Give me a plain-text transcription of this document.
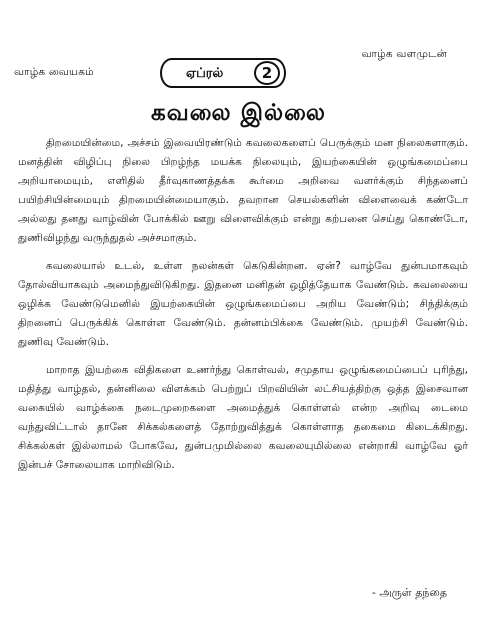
வாழ்க வையகம்
வாழ்க வளமுடன்
ஏப்ரல்	2
கவலை இல்லை

திறமையின்மை, அச்சம் இவையிரண்டும் கவலைகளைப் பெருக்கும் மன நிலைகளாகும். மனத்தின் விழிப்பு நிலை பிறழ்ந்த மயக்க நிலையும், இயற்கையின் ஒழுங்கமைப்பை அறியாமையும், எளிதில் தீர்வுகாணத்தக்க கூர்மை அறிவை வளர்க்கும் சிந்தனைப் பயிற்சியின்மையும் திறமையின்மையாகும். தவறான செயல்களின் விளைவைக் கண்டோ அல்லது தனது வாழ்வின் போக்கில் ஊறு விளைவிக்கும் என்று கற்பனை செய்து கொண்டோ, துணிவிழந்து வருந்துதல் அச்சமாகும்.

கவலையால் உடல், உள்ள நலன்கள் கெடுகின்றன. ஏன்? வாழ்வே துன்பமாகவும் தோல்வியாகவும் அமைந்துவிடுகிறது. இதனை மனிதன் ஒழித்தேயாக வேண்டும். கவலையை ஒழிக்க வேண்டுமெனில் இயற்கையின் ஒழுங்கமைப்பை அறிய வேண்டும்; சிந்திக்கும் திறனைப் பெருக்கிக் கொள்ள வேண்டும். தன்னம்பிக்கை வேண்டும். முயற்சி வேண்டும். துணிவு வேண்டும்.

மாறாத இயற்கை விதிகளை உணர்ந்து கொள்வல், சமுதாய ஒழுங்கமைப்பைப் புரிந்து, மதித்து வாழ்தல், தன்னிலை விளக்கம் பெற்றுப் பிறவியின் லட்சியத்திற்கு ஒத்த இசைவான வகையில் வாழ்க்கை நடைமுறைகளை அமைத்துக் கொள்ளல் என்ற அறிவு டைமை வந்துவிட்டால் தானே சிக்கல்களைத் தோற்றுவித்துக் கொள்ளாத தகைமை கிடைக்கிறது. சிக்கல்கள் இல்லாமல் போகவே, துன்பமுமில்லை கவலையுமில்லை என்றாகி வாழ்வே ஓர் இன்பச் சோலையாக மாறிவிடும்.

- அருள் தந்தை
